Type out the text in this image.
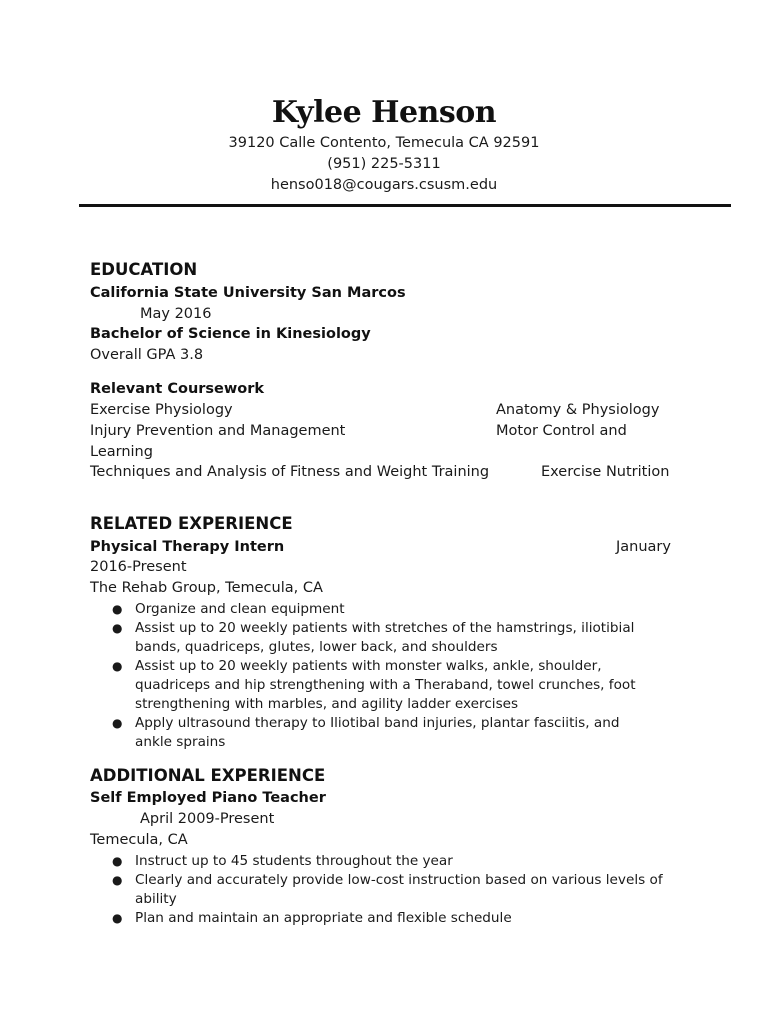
Kylee Henson
39120 Calle Contento, Temecula CA 92591
(951) 225-5311
henso018@cougars.csusm.edu
EDUCATION
California State University San Marcos
May 2016
Bachelor of Science in Kinesiology
Overall GPA 3.8
Relevant Coursework
Exercise Physiology	Anatomy & Physiology
Injury Prevention and Management	Motor Control and
Learning
Techniques and Analysis of Fitness and Weight Training	Exercise Nutrition
RELATED EXPERIENCE
Physical Therapy Intern	January
2016-Present
The Rehab Group, Temecula, CA
● Organize and clean equipment
● Assist up to 20 weekly patients with stretches of the hamstrings, iliotibial bands, quadriceps, glutes, lower back, and shoulders
● Assist up to 20 weekly patients with monster walks, ankle, shoulder, quadriceps and hip strengthening with a Theraband, towel crunches, foot strengthening with marbles, and agility ladder exercises
● Apply ultrasound therapy to Iliotibal band injuries, plantar fasciitis, and ankle sprains
ADDITIONAL EXPERIENCE
Self Employed Piano Teacher
April 2009-Present
Temecula, CA
● Instruct up to 45 students throughout the year
● Clearly and accurately provide low-cost instruction based on various levels of ability
● Plan and maintain an appropriate and flexible schedule
